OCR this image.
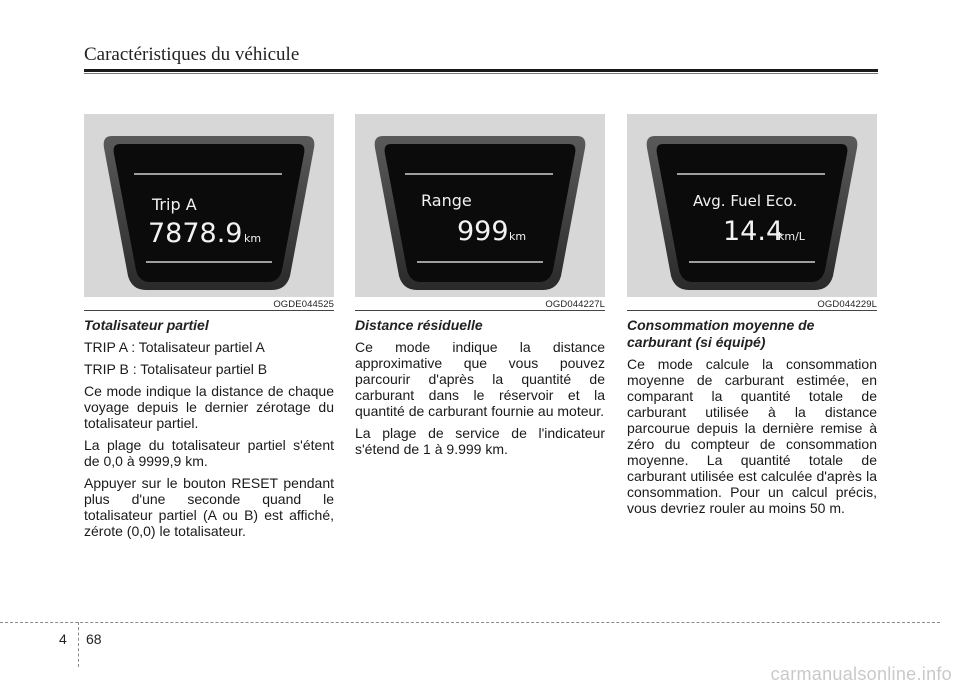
Caractéristiques du véhicule
Trip A
7878.9 km
OGDE044525
Totalisateur partiel

TRIP A : Totalisateur partiel A

TRIP B : Totalisateur partiel B

Ce mode indique la distance de chaque voyage depuis le dernier zérotage du totalisateur partiel.

La plage du totalisateur partiel s'étent de 0,0 à 9999,9 km.

Appuyer sur le bouton RESET pendant plus d'une seconde quand le totalisateur partiel (A ou B) est affiché, zérote (0,0) le totalisateur.

Range
999 km
OGD044227L
Distance résiduelle

Ce mode indique la distance approximative que vous pouvez parcourir d'après la quantité de carburant dans le réservoir et la quantité de carburant fournie au moteur.

La plage de service de l'indicateur s'étend de 1 à 9.999 km.

Avg. Fuel Eco.
14.4
km/L
OGD044229L
Consommation moyenne de carburant (si équipé)

Ce mode calcule la consommation moyenne de carburant estimée, en comparant la quantité totale de carburant utilisée à la distance parcourue depuis la dernière remise à zéro du compteur de consommation moyenne. La quantité totale de carburant utilisée est calculée d'après la consommation. Pour un calcul précis, vous devriez rouler au moins 50 m.

4 68
carmanualsonline.info
